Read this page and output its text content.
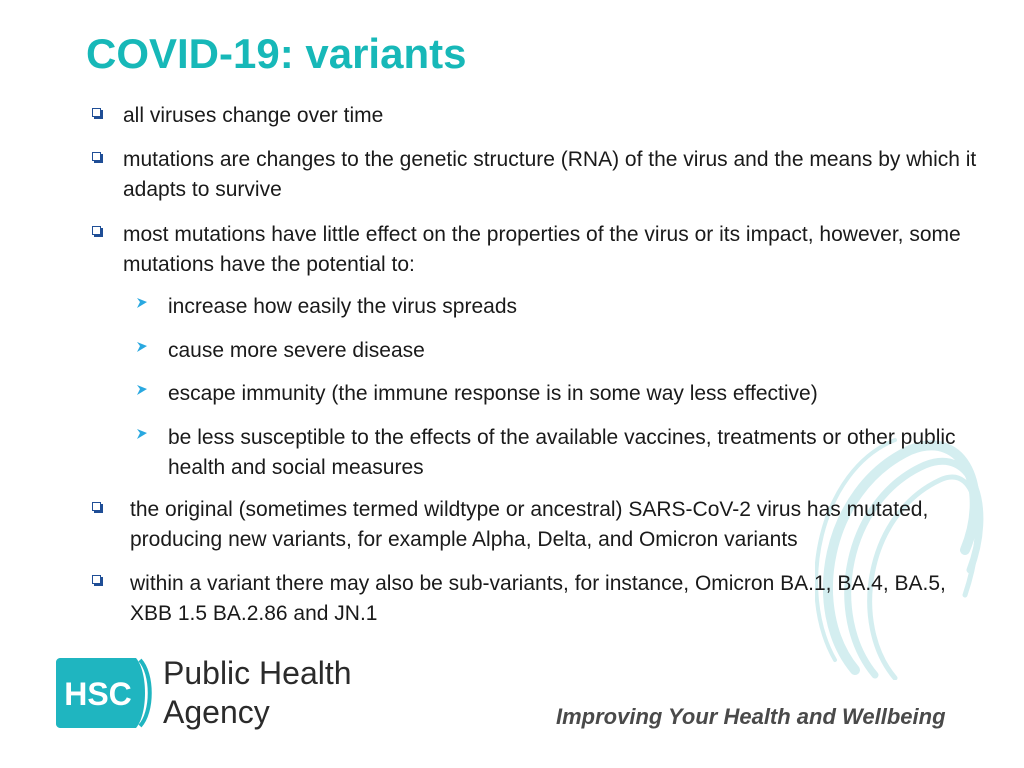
COVID-19: variants

all viruses change over time

mutations are changes to the genetic structure (RNA) of the virus and the means by which it adapts to survive

most mutations have little effect on the properties of the virus or its impact, however, some mutations have the potential to:

increase how easily the virus spreads

cause more severe disease

escape immunity (the immune response is in some way less effective)

be less susceptible to the effects of the available vaccines, treatments or other public health and social measures

the original (sometimes termed wildtype or ancestral) SARS-CoV-2 virus has mutated, producing new variants, for example Alpha, Delta, and Omicron variants

within a variant there may also be sub-variants, for instance, Omicron BA.1, BA.4, BA.5, XBB 1.5 BA.2.86 and JN.1

HSC
Public Health
Agency	Improving Your Health and Wellbeing
